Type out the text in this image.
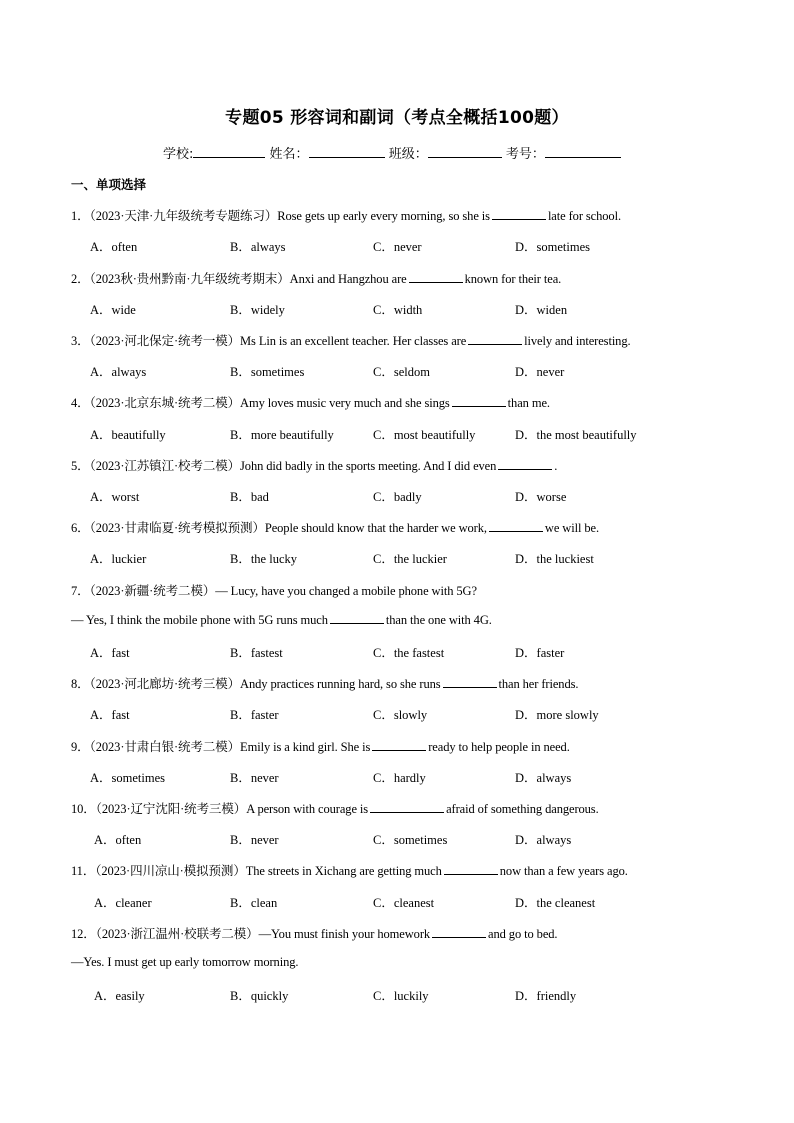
专题05 形容词和副词（考点全概括100题）
学校:	姓名：	班级：	考号：
一、单项选择
1．（2023·天津·九年级统考专题练习）Rose gets up early every morning, so she is	late for school.
A．often	B．always	C．never	D．sometimes
2．（2023秋·贵州黔南·九年级统考期末）Anxi and Hangzhou are	known for their tea.
A．wide	B．widely	C．width	D．widen
3．（2023·河北保定·统考一模）Ms Lin is an excellent teacher. Her classes are	lively and interesting.
A．always	B．sometimes	C．seldom	D．never
4．（2023·北京东城·统考二模）Amy loves music very much and she sings	than me.
A．beautifully	B．more beautifully	C．most beautifully	D．the most beautifully
5．（2023·江苏镇江·校考二模）John did badly in the sports meeting. And I did even	.
A．worst	B．bad	C．badly	D．worse
6．（2023·甘肃临夏·统考模拟预测）People should know that the harder we work,	we will be.
A．luckier	B．the lucky	C．the luckier	D．the luckiest
7．（2023·新疆·统考二模）— Lucy, have you changed a mobile phone with 5G?
— Yes, I think the mobile phone with 5G runs much	than the one with 4G.
A．fast	B．fastest	C．the fastest	D．faster
8．（2023·河北廊坊·统考三模）Andy practices running hard, so she runs	than her friends.
A．fast	B．faster	C．slowly	D．more slowly
9．（2023·甘肃白银·统考二模）Emily is a kind girl. She is	ready to help people in need.
A．sometimes	B．never	C．hardly	D．always
10．（2023·辽宁沈阳·统考三模）A person with courage is	afraid of something dangerous.
A．often	B．never	C．sometimes	D．always
11．（2023·四川凉山·模拟预测）The streets in Xichang are getting much	now than a few years ago.
A．cleaner	B．clean	C．cleanest	D．the cleanest
12．（2023·浙江温州·校联考二模）—You must finish your homework	and go to bed.
—Yes. I must get up early tomorrow morning.
A．easily	B．quickly	C．luckily	D．friendly
